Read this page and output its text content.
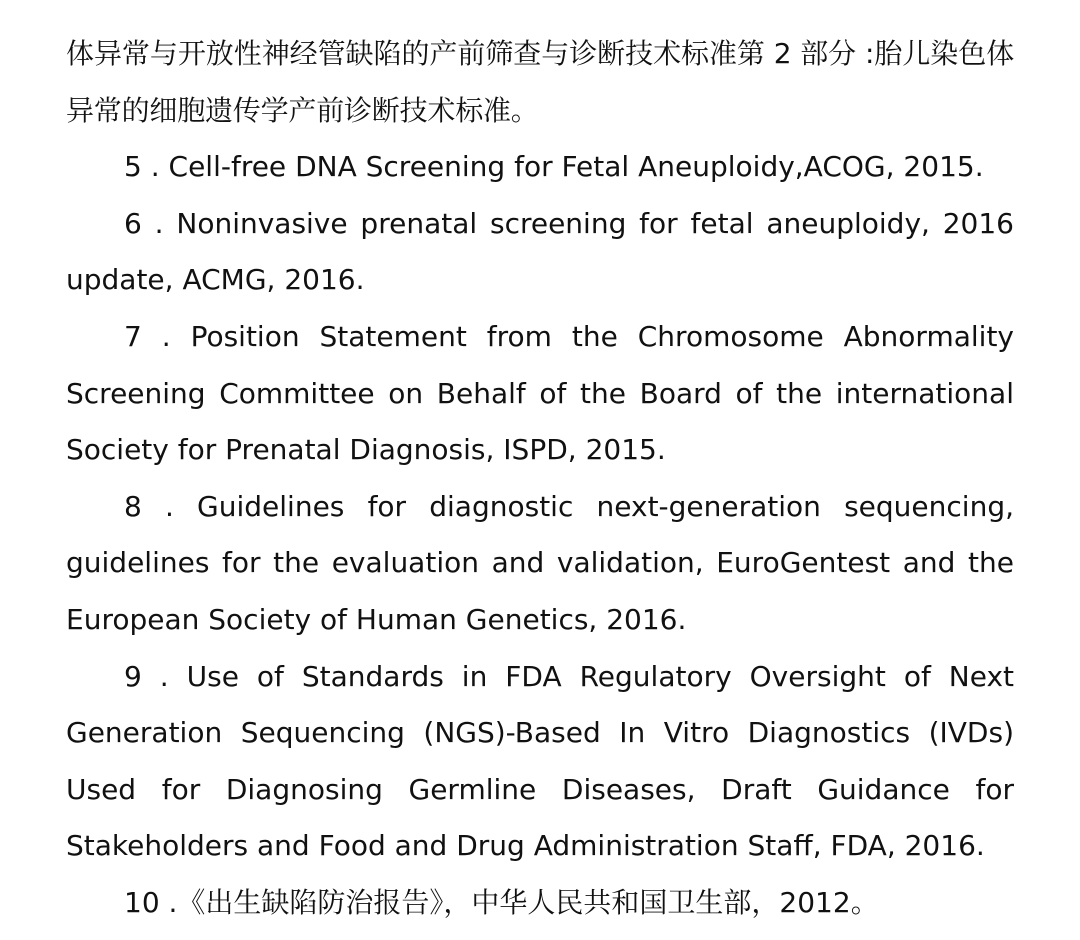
体异常与开放性神经管缺陷的产前筛查与诊断技术标准第 2 部分 :胎儿染色体异常的细胞遗传学产前诊断技术标准。

5 . Cell-free DNA Screening for Fetal Aneuploidy,ACOG, 2015.

6 . Noninvasive prenatal screening for fetal aneuploidy, 2016 update, ACMG, 2016.

7 . Position Statement from the Chromosome Abnormality Screening Committee on Behalf of the Board of the international Society for Prenatal Diagnosis, ISPD, 2015.

8 . Guidelines for diagnostic next-generation sequencing, guidelines for the evaluation and validation, EuroGentest and the European Society of Human Genetics, 2016.

9 . Use of Standards in FDA Regulatory Oversight of Next Generation Sequencing (NGS)-Based In Vitro Diagnostics (IVDs) Used for Diagnosing Germline Diseases, Draft Guidance for Stakeholders and Food and Drug Administration Staff, FDA, 2016.

10 .《出生缺陷防治报告》，中华人民共和国卫生部，2012。
